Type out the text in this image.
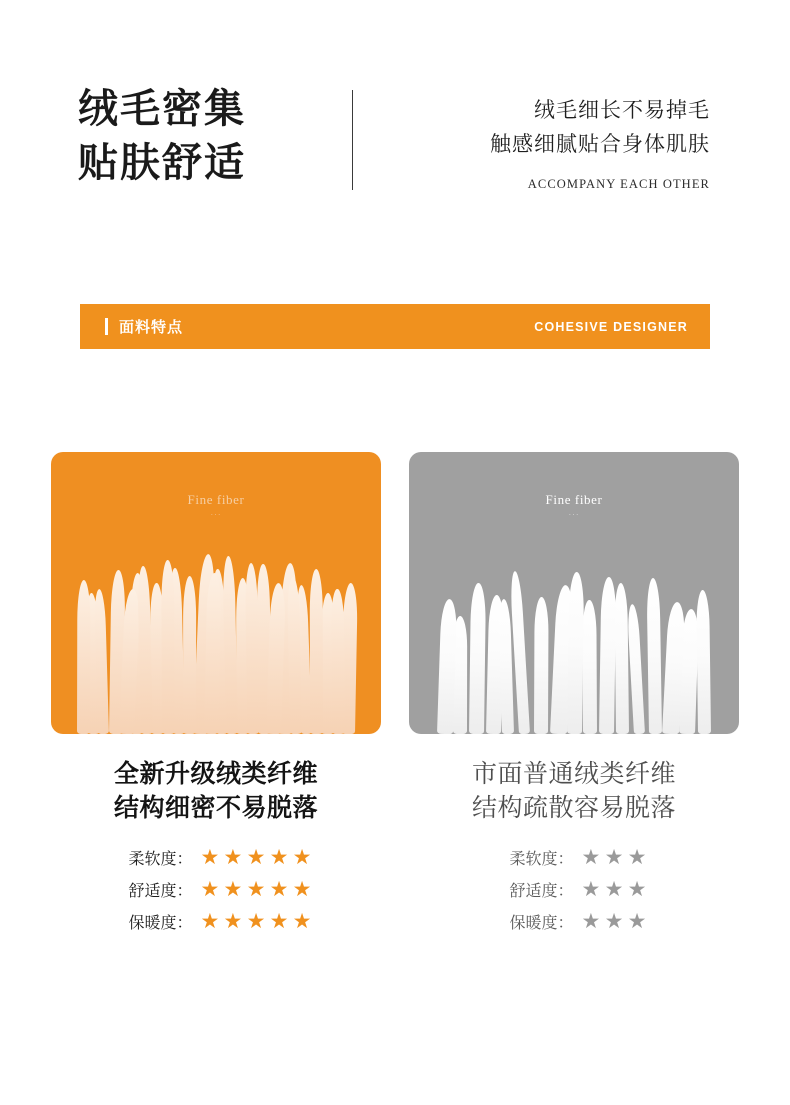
绒毛密集
贴肤舒适
绒毛细长不易掉毛
触感细腻贴合身体肌肤
ACCOMPANY EACH OTHER
面料特点	COHESIVE DESIGNER
Fine fiber
···
全新升级绒类纤维
结构细密不易脱落
柔软度： ★ ★ ★ ★ ★
舒适度： ★ ★ ★ ★ ★
保暖度： ★ ★ ★ ★ ★
Fine fiber
···
市面普通绒类纤维
结构疏散容易脱落
柔软度： ★ ★ ★
舒适度： ★ ★ ★
保暖度： ★ ★ ★
